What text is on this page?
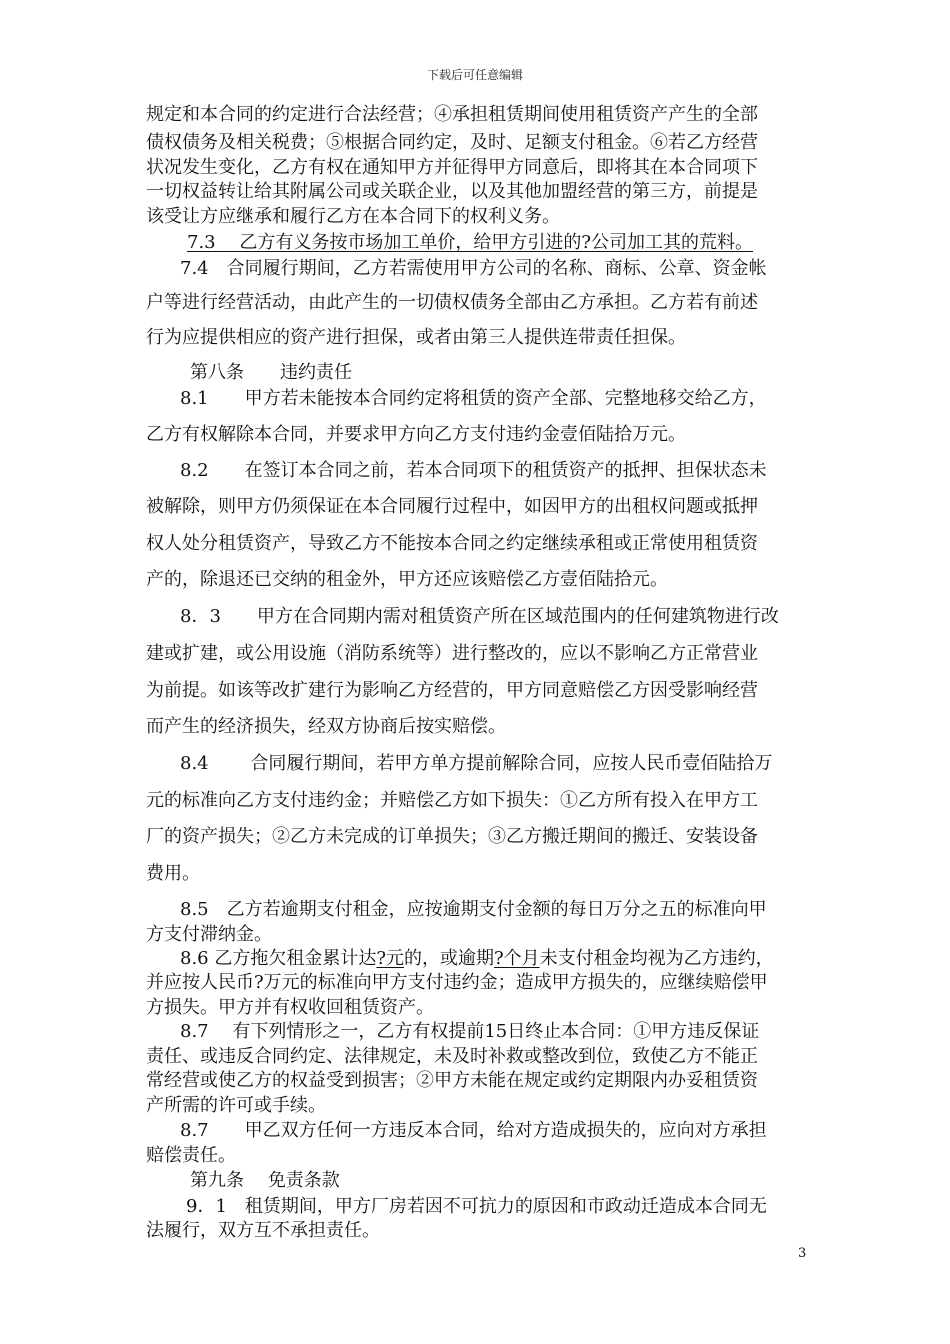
下载后可任意编辑
规定和本合同的约定进行合法经营；④承担租赁期间使用租赁资产产生的全部
债权债务及相关税费；⑤根据合同约定，及时、足额支付租金。⑥若乙方经营
状况发生变化，乙方有权在通知甲方并征得甲方同意后，即将其在本合同项下
一切权益转让给其附属公司或关联企业，以及其他加盟经营的第三方，前提是
该受让方应继承和履行乙方在本合同下的权利义务。
7.3　 乙方有义务按市场加工单价，给甲方引进的?公司加工其的荒料。
7.4　合同履行期间，乙方若需使用甲方公司的名称、商标、公章、资金帐
户等进行经营活动，由此产生的一切债权债务全部由乙方承担。乙方若有前述
行为应提供相应的资产进行担保，或者由第三人提供连带责任担保。
第八条　　违约责任
8.1　　甲方若未能按本合同约定将租赁的资产全部、完整地移交给乙方，
乙方有权解除本合同，并要求甲方向乙方支付违约金壹佰陆拾万元。
8.2　　在签订本合同之前，若本合同项下的租赁资产的抵押、担保状态未
被解除，则甲方仍须保证在本合同履行过程中，如因甲方的出租权问题或抵押
权人处分租赁资产，导致乙方不能按本合同之约定继续承租或正常使用租赁资
产的，除退还已交纳的租金外，甲方还应该赔偿乙方壹佰陆拾元。
8．3　　甲方在合同期内需对租赁资产所在区域范围内的任何建筑物进行改
建或扩建，或公用设施（消防系统等）进行整改的，应以不影响乙方正常营业
为前提。如该等改扩建行为影响乙方经营的，甲方同意赔偿乙方因受影响经营
而产生的经济损失，经双方协商后按实赔偿。
8.4　　 合同履行期间，若甲方单方提前解除合同，应按人民币壹佰陆拾万
元的标准向乙方支付违约金；并赔偿乙方如下损失：①乙方所有投入在甲方工
厂的资产损失；②乙方未完成的订单损失；③乙方搬迁期间的搬迁、安装设备
费用。
8.5　乙方若逾期支付租金，应按逾期支付金额的每日万分之五的标准向甲
方支付滞纳金。
8.6 乙方拖欠租金累计达?元的，或逾期?个月未支付租金均视为乙方违约，
并应按人民币?万元的标准向甲方支付违约金；造成甲方损失的，应继续赔偿甲
方损失。甲方并有权收回租赁资产。
8.7　 有下列情形之一，乙方有权提前15日终止本合同：①甲方违反保证
责任、或违反合同约定、法律规定，未及时补救或整改到位，致使乙方不能正
常经营或使乙方的权益受到损害；②甲方未能在规定或约定期限内办妥租赁资
产所需的许可或手续。
8.7　　甲乙双方任何一方违反本合同，给对方造成损失的，应向对方承担
赔偿责任。
第九条　 免责条款
9．1　租赁期间，甲方厂房若因不可抗力的原因和市政动迁造成本合同无
法履行，双方互不承担责任。
3
